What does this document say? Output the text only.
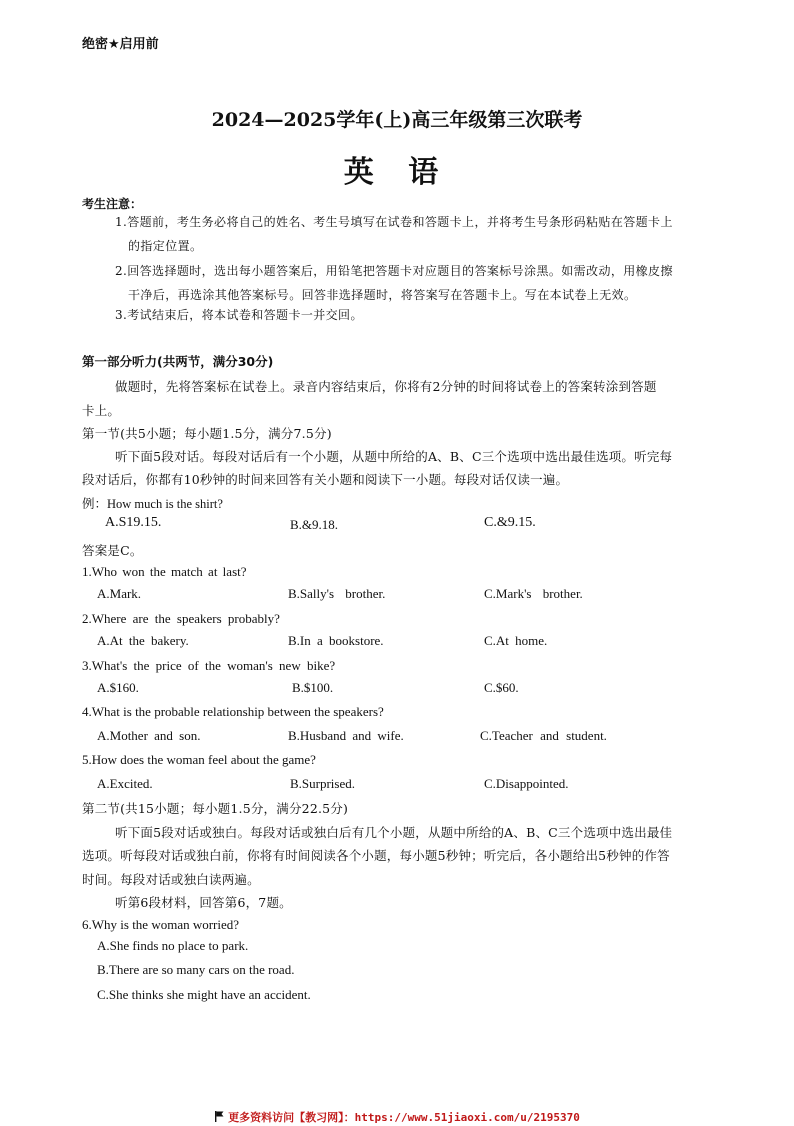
绝密★启用前
2024—2025学年(上)高三年级第三次联考
英 语
考生注意：
1.答题前，考生务必将自己的姓名、考生号填写在试卷和答题卡上，并将考生号条形码粘贴在答题卡上
的指定位置。
2.回答选择题时，选出每小题答案后，用铅笔把答题卡对应题目的答案标号涂黑。如需改动，用橡皮擦
干净后，再选涂其他答案标号。回答非选择题时，将答案写在答题卡上。写在本试卷上无效。
3.考试结束后，将本试卷和答题卡一并交回。
第一部分听力(共两节，满分30分)
做题时，先将答案标在试卷上。录音内容结束后，你将有2分钟的时间将试卷上的答案转涂到答题
卡上。
第一节(共5小题；每小题1.5分，满分7.5分)
听下面5段对话。每段对话后有一个小题，从题中所给的A、B、C三个选项中选出最佳选项。听完每
段对话后，你都有10秒钟的时间来回答有关小题和阅读下一小题。每段对话仅读一遍。
例：How much is the shirt?
A.S19.15.	B.&9.18.	C.&9.15.
答案是C。
1.Who won the match at last?
A.Mark.	B.Sally's brother.	C.Mark's brother.
2.Where are the speakers probably?
A.At the bakery.	B.In a bookstore.	C.At home.
3.What's the price of the woman's new bike?
A.$160.	B.$100.	C.$60.
4.What is the probable relationship between the speakers?
A.Mother and son.	B.Husband and wife.	C.Teacher and student.
5.How does the woman feel about the game?
A.Excited.	B.Surprised.	C.Disappointed.
第二节(共15小题；每小题1.5分，满分22.5分)
听下面5段对话或独白。每段对话或独白后有几个小题，从题中所给的A、B、C三个选项中选出最佳
选项。听每段对话或独白前，你将有时间阅读各个小题，每小题5秒钟；听完后，各小题给出5秒钟的作答
时间。每段对话或独白读两遍。
听第6段材料，回答第6，7题。
6.Why is the woman worried?
A.She finds no place to park.
B.There are so many cars on the road.
C.She thinks she might have an accident.
更多资料访问【教习网】：https://www.51jiaoxi.com/u/2195370
